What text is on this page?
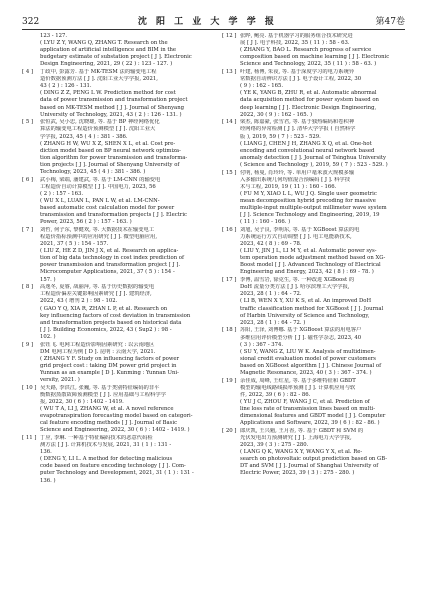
322	沈 阳 工 业 大 学 学 报	第47卷
123 - 127.
( LYU Z Y, WANG Q, ZHANG T. Research on the
application of artificial intelligence and BIM in the
budgetary estimate of substation project [ J ]. Electronic
Design Engineering, 2021, 29 ( 22 ) : 123 - 127. )
[ 4 ] 丁政中, 彭露芳. 基于 MK-TESM 法的输变电工程
造价数据预测方法 [ J ]. 沈阳工业大学学报, 2021,
43 ( 2 ) : 126 - 131.
( DING Z Z, PENG L W. Prediction method for cost
data of power transmission and transformation project
based on MK-TESM method [ J ]. Journal of Shenyang
University of Technology, 2021, 43 ( 2 ) : 126 - 131. )
[ 5 ] 张恒武, 吴小忠, 沈晓雄, 等. 基于 BP 神经网络优化
算法的输变电工程造价预测模型 [ J ]. 沈阳工业大
学学报, 2023, 45 ( 4 ) : 381 - 386.
( ZHANG H W, WU X Z, SHEN X L, et al. Cost pre-
diction model based on BP neural network optimiza-
tion algorithm for power transmission and transforma-
tion projects [ J ]. Journal of Shenyang University of
Technology, 2023, 45 ( 4 ) : 381 - 386. )
[ 6 ] 武小梅, 梁端, 潘建武, 等. 基于 LM-CNN 的输变电
工程造价自动计算模型 [ J ]. 中国电力, 2023, 56
( 2 ) : 157 - 163.
( WU X L, LUAN L, PAN L W, et al. LM-CNN-
based automatic cost calculation model for power
transmission and transformation projects [ J ]. Electric
Power, 2023, 56 ( 2 ) : 157 - 163. )
[ 7 ] 刘哲, 何子东, 黎健欢, 等. 大数据技术在输变电工
程造价指标预测中的应用研究 [ J ]. 微型电脑应用,
2021, 37 ( 5 ) : 154 - 157.
( LIU Z, HE Z D, JIN J X, et al. Research on applica-
tion of big data technology in cost index prediction of
power transmission and transformation project [ J ].
Microcomputer Applications, 2021, 37 ( 5 ) : 154 -
157. )
[ 8 ] 高逸冬, 夏睿, 战丽萍, 等. 基于历史数据的输变电
工程造价偏差关键影响因素研究 [ J ]. 建筑经济,
2022, 43 ( 增刊 2 ) : 98 - 102.
( GAO Y Q, XIA R, ZHAN L P, et al. Research on
key influencing factors of cost deviation in transmission
and transformation projects based on historical data
[ J ]. Building Economics, 2022, 43 ( Sup2 ) : 98 -
102. )
[ 9 ] 张钰飞. 电网工程造价影响因素研究 : 以云南地区
DM 电网工程为例 [ D ]. 昆明 : 云南大学, 2021.
( ZHANG Y F. Study on influencing factors of power
grid project cost : taking DM power grid project in
Yunnan as an example [ D ]. Kunming : Yunnan Uni-
versity, 2021. )
[ 10 ] 吴天路, 李洪江, 张巍, 等. 基于类别特征编码的非平
衡数据蒸散故障预测模型 [ J ]. 应用基础与工程科学学
报, 2022, 30 ( 6 ) : 1402 - 1419.
( WU T A, LI J, ZHANG W, et al. A novel reference
evapotranspiration forecasting model based on categori-
cal feature encoding methods [ J ]. Journal of Basic
Science and Engineering, 2022, 30 ( 6 ) : 1402 - 1419. )
[ 11 ] 丁应, 李琳. 一种基于特征编码技术的恶意代码检
测方法 [ J ]. 计算机技术与发展, 2021, 31 ( 1 ) : 131 -
136.
( DENG Y, LI L. A method for detecting malicious
code based on feature encoding technology [ J ]. Com-
puter Technology and Development, 2021, 31 ( 1 ) : 131 -
136. )
[ 12 ] 张晔, 鲍亮. 基于机器学习的服务组合技术研究进
展 [ J ]. 电子科技, 2022, 35 ( 11 ) : 58 - 63.
( ZHANG Y, BAO L. Research progress of service
composition based on machine learning [ J ]. Electronic
Science and Technology, 2022, 35 ( 11 ) : 58 - 63. )
[ 13 ] 叶建, 杨博, 朱夜, 等. 基于深度学习的电力系统异
常数据自动辨识方法 [ J ]. 电子设计工程, 2022, 30
( 9 ) : 162 - 165.
( YE K, YANG B, ZHU R, et al. Automatic abnormal
data acquisition method for power system based on
deep learning [ J ]. Electronic Design Engineering,
2022, 30 ( 9 ) : 162 - 165. )
[ 14 ] 梁杰, 陈嘉豪, 张雪君, 等. 基于独热编码和卷积神
经网络的异常检测 [ J ]. 清华大学学报 ( 自然科学
版 ), 2019, 59 ( 7 ) : 523 - 529.
( LIANG J, CHEN J H, ZHANG X Q, et al. One-hot
encoding and convolutional neural network based
anomaly detection [ J ]. Journal of Tsinghua University
( Science and Technology ), 2019, 59 ( 7 ) : 523 - 529. )
[ 15 ] 付明, 杨曼, 肖玲玲, 等. 单用户毫米波大规模多输
入多输出系统几何均值混合预编码 [ J ]. 科学技
术与工程, 2019, 19 ( 11 ) : 160 - 166.
( FU M Y, XIAO L L, WU J Q. Single user geometric
mean decomposition hybrid precoding for massive
multiple-input multiple-output millimeter wave system
[ J ]. Science Technology and Engineering, 2019, 19
( 11 ) : 160 - 166. )
[ 16 ] 刘旭, 吴子良, 李明东, 等. 基于 XGBoost 算法的电
力系统运行方式自动调整 [ J ]. 电工电能新技术,
2023, 42 ( 8 ) : 69 - 78.
( LIU Y, JIN J L, LI M Y, et al. Automatic power sys-
tem operation mode adjustment method based on XG-
Boost model [ J ]. Advanced Technology of Electrical
Engineering and Energy, 2023, 42 ( 8 ) : 69 - 78. )
[ 17 ] 李博, 温雪岩, 徐克生, 等. 一种改进 XGBoost 的
DoH 流量分类方法 [ J ]. 哈尔滨理工大学学报,
2023, 28 ( 1 ) : 64 - 72.
( LI B, WEN X Y, XU K S, et al. An improved DoH
traffic classification method for XGBoost [ J ]. Journal
of Harbin University of Science and Technology,
2023, 28 ( 1 ) : 64 - 72. )
[ 18 ] 苏阳, 王泽, 刘博娜. 基于 XGBoost 算法的用电客户
多维信用评价模型分析 [ J ]. 磁性学杂志, 2023, 40
( 3 ) : 367 - 374.
( SU Y, WANG Z, LIU W K. Analysis of multidimen-
sional credit evaluation model of power customers
based on XGBoost algorithm [ J ]. Chinese Journal of
Magnetic Resonance, 2023, 40 ( 3 ) : 367 - 374. )
[ 19 ] 余佳成, 周峰, 王红星, 等. 基于多维特征和 GBDT
模型的输电线路线损率预测 [ J ]. 计算机应用与软
件, 2022, 39 ( 6 ) : 82 - 86.
( YU J C, ZHOU F, WANG J C, et al. Prediction of
line loss rate of transmission lines based on multi-
dimensional features and GBDT model [ J ]. Computer
Applications and Software, 2022, 39 ( 6 ) : 82 - 86. )
[ 20 ] 郎庆凯, 王兴魁, 王月香, 等. 基于 GBDT 和 SVM 的
光伏发电出力预测研究 [ J ]. 上海电力大学学报,
2023, 39 ( 3 ) : 275 - 280.
( LANG Q K, WANG X Y, WANG Y X, et al. Re-
search on photovoltaic output prediction based on GB-
DT and SVM [ J ]. Journal of Shanghai University of
Electric Power, 2023, 39 ( 3 ) : 275 - 280. )
